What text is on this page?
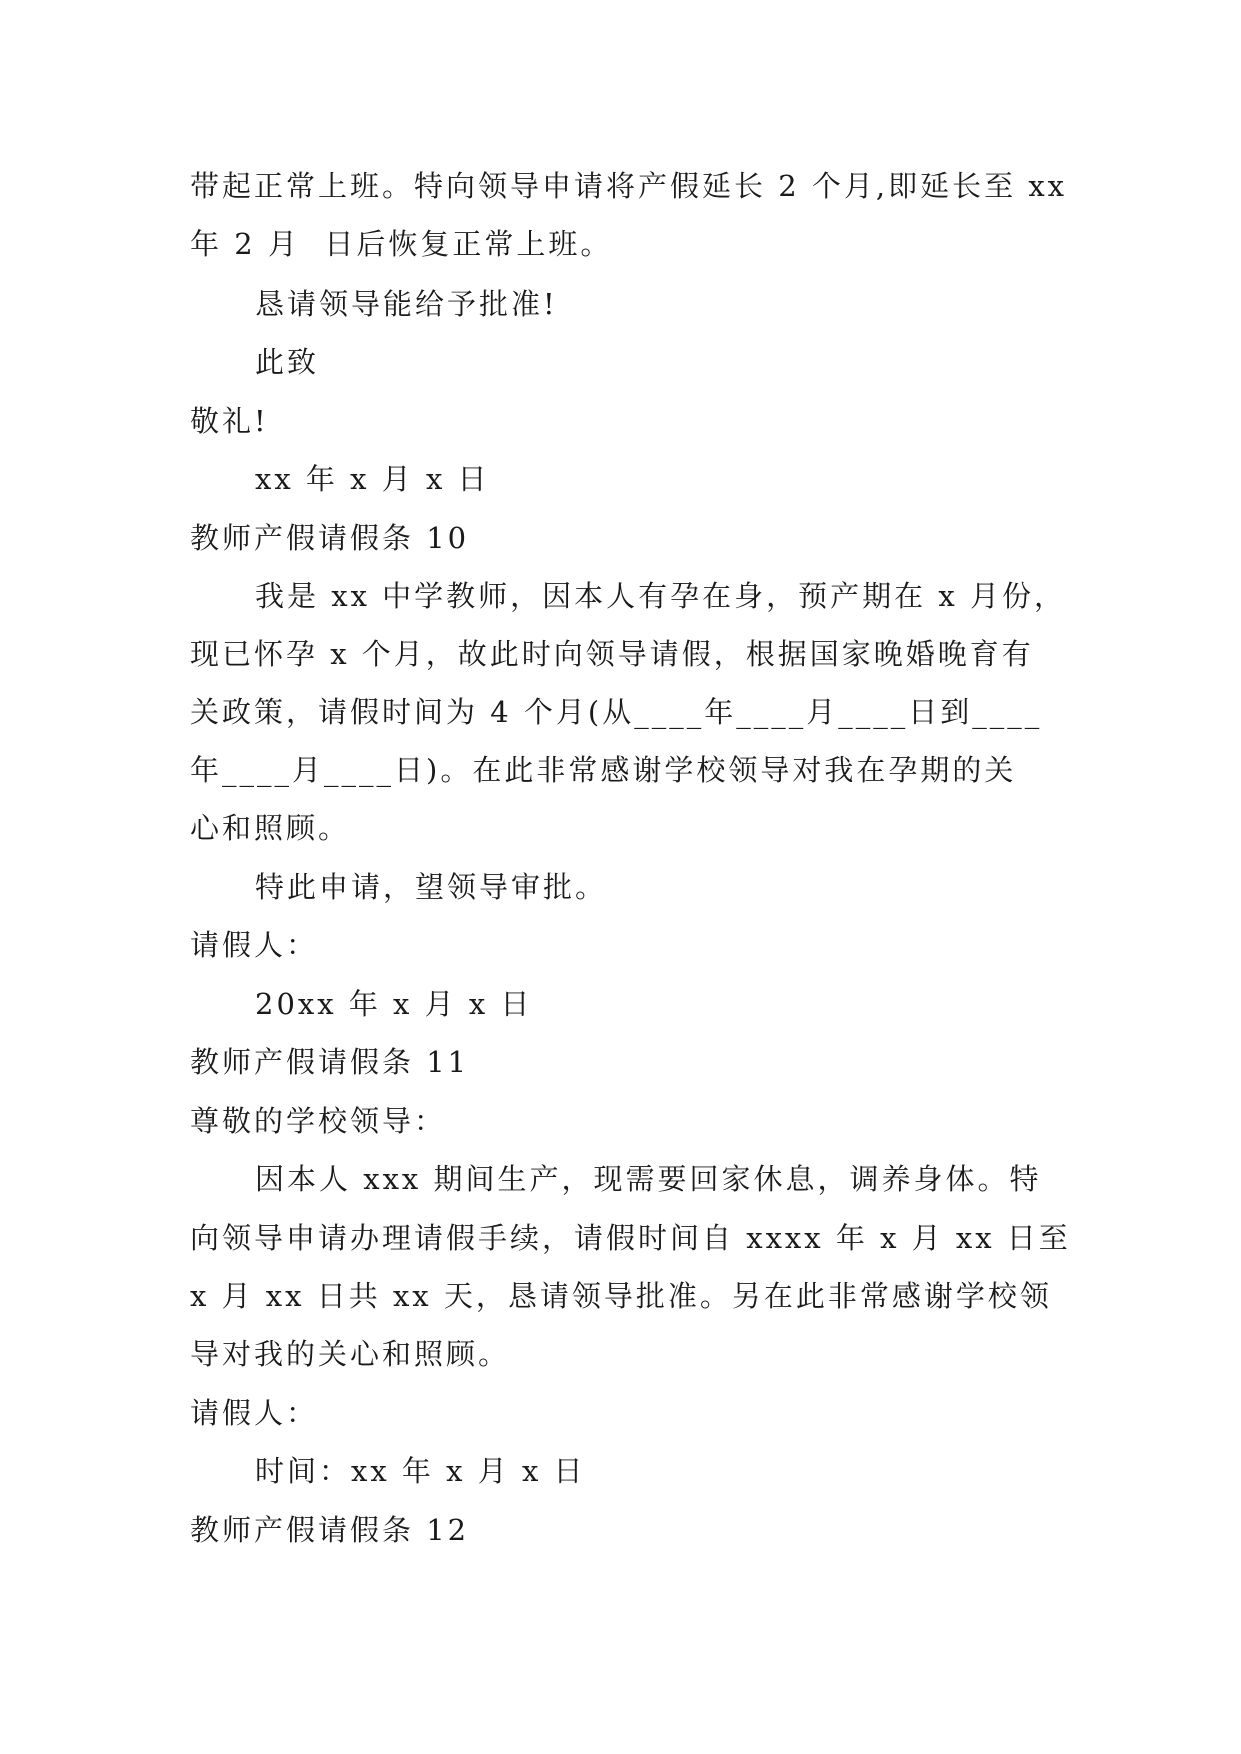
带起正常上班。特向领导申请将产假延长 2 个月,即延长至 xx
年 2 月  日后恢复正常上班。
恳请领导能给予批准!
此致
敬礼!
xx 年 x 月 x 日
教师产假请假条 10
我是 xx 中学教师，因本人有孕在身，预产期在 x 月份，
现已怀孕 x 个月，故此时向领导请假，根据国家晚婚晚育有
关政策，请假时间为 4 个月(从____年____月____日到____
年____月____日)。在此非常感谢学校领导对我在孕期的关
心和照顾。
特此申请，望领导审批。
请假人：
20xx 年 x 月 x 日
教师产假请假条 11
尊敬的学校领导：
因本人 xxx 期间生产，现需要回家休息，调养身体。特
向领导申请办理请假手续，请假时间自 xxxx 年 x 月 xx 日至
x 月 xx 日共 xx 天，恳请领导批准。另在此非常感谢学校领
导对我的关心和照顾。
请假人：
时间：xx 年 x 月 x 日
教师产假请假条 12
